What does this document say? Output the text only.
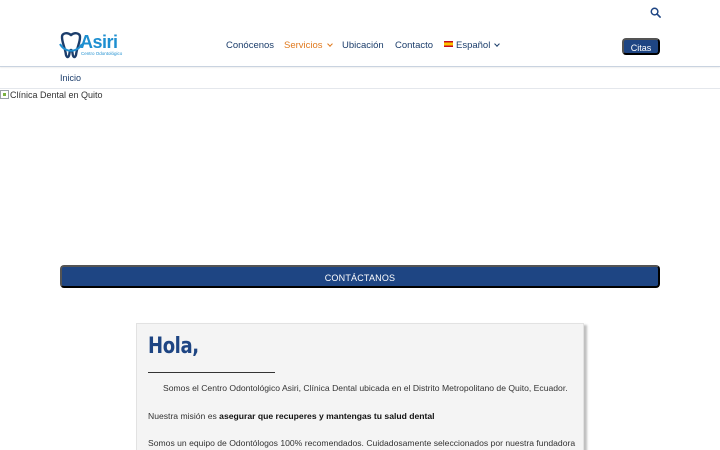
Asiri
Centro Odontológico
Conócenos Servicios	Ubicación Contacto	Español	Citas
Inicio
Clínica Dental en Quito
CONTÁCTANOS
Hola,

Somos el Centro Odontológico Asiri, Clínica Dental ubicada en el Distrito Metropolitano de Quito, Ecuador.

Nuestra misión es asegurar que recuperes y mantengas tu salud dental

Somos un equipo de Odontólogos 100% recomendados. Cuidadosamente seleccionados por nuestra fundadora
